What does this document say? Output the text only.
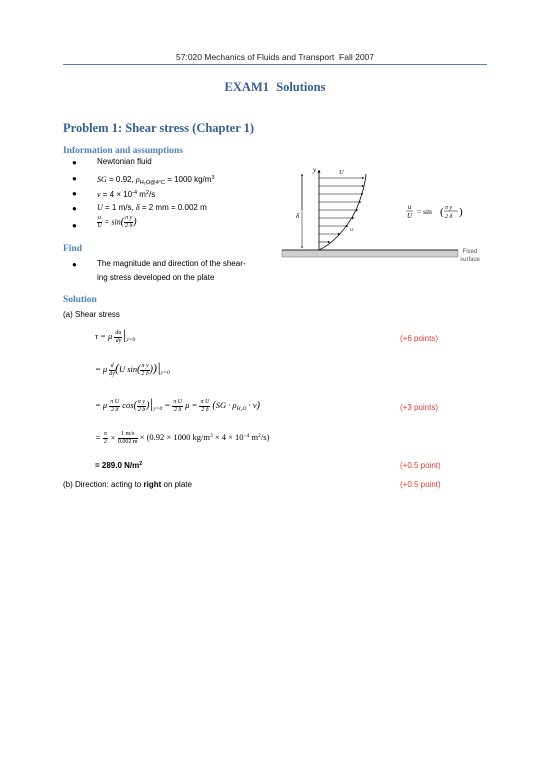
57:020 Mechanics of Fluids and Transport Fall 2007
EXAM1 Solutions
Problem 1: Shear stress (Chapter 1)
Information and assumptions
●	Newtonian fluid
●	SG = 0.92, $\rho_{H_2O@4^\circ C} = 1000$ $kg/m^3$
●	$\nu = 4 \times 10^{-4}$ $m^2/s$
●	U = 1 m/s, δ = 2 mm = 0.002 m
●	$\frac{u}{U} = \sin( \frac{\text{π y}}{2 \delta}$ )
Find
●	The magnitude and direction of the shear-
ing stress developed on the plate
Solution
(a) Shear stress
τ = μ $\frac{du}{dy} |_{y=0}$	(+6 points)
= μ $\frac{d}{dy} (U$ $\sin( \frac{\text{π y}}{2 \delta} ))|_{y=0}$
= μ $\frac{\text{π U}}{2 \delta} \cos( \frac{\text{π y}}{2 \delta} )|_{y=0} = \frac{\text{π U}}{2 \delta}$ $\mu = \frac{\text{π U}}{2 \delta} (SG \cdot \rho_{H_2O} \cdot \nu)$	(+3 points)
= $\frac{\pi}{2} \times \frac{1 m/s}{0.002 m} \times (0.92 \times 1000$ $kg/m^3 \times 4 \times 10^{-4}$ $m^2/s$)
= 289.0 $N/m^2$	(+0.5 point)
(b) Direction: acting to right on plate	(+0.5 point)
y
δ
U
u
u
U = sin ( π y
2 δ )
Fixed
surface
